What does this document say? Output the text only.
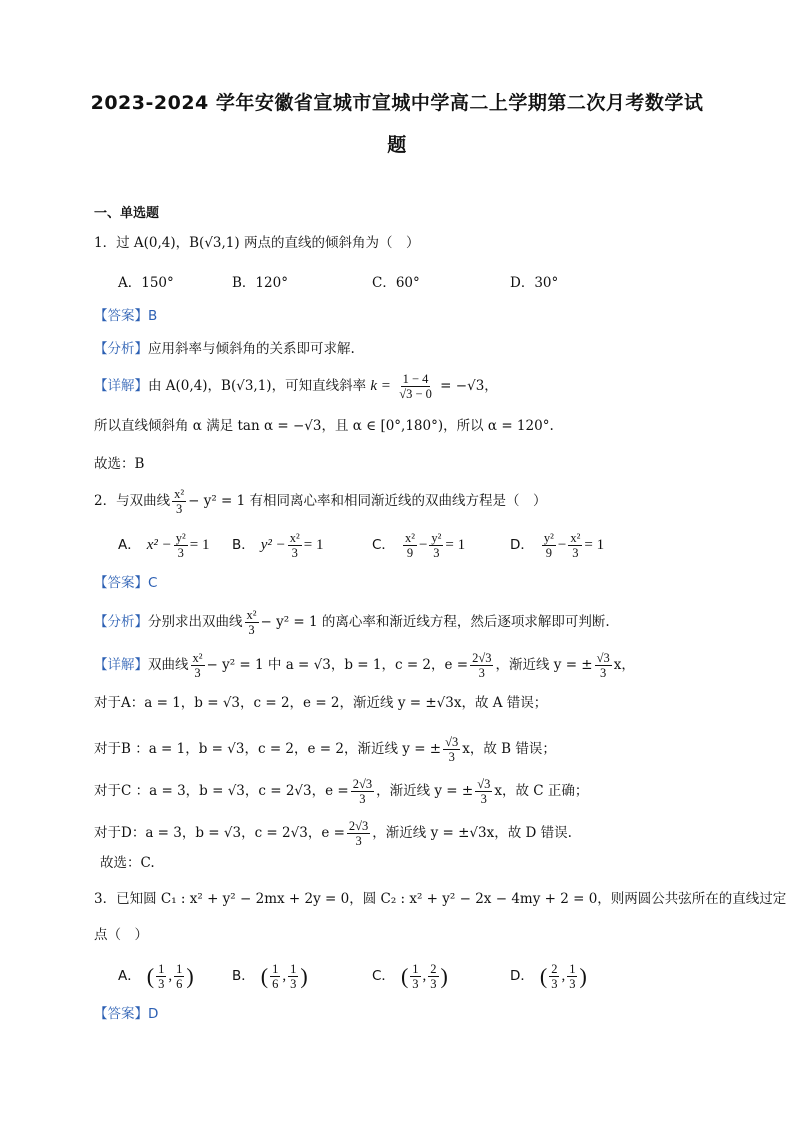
2023-2024 学年安徽省宣城市宣城中学高二上学期第二次月考数学试
题
一、单选题
1．过 A(0,4)，B(√3,1) 两点的直线的倾斜角为（　）
A．150°	B．120°	C．60°	D．30°
【答案】B
【分析】应用斜率与倾斜角的关系即可求解.
【详解】由 A(0,4)，B(√3,1)，可知直线斜率 $k = \frac{1 - 4}{√3 - 0} = -√3$，
所以直线倾斜角 α 满足 tan α = −√3，且 α ∈ [0°,180°)，所以 α = 120°.
故选：B
2．与双曲线 $\frac{\text{x²}}{3} - y^2 = 1$ 有相同离心率和相同渐近线的双曲线方程是（　）
A． $x^2 - \frac{\text{y²}}{3} = 1$ B． $y^2 - \frac{\text{x²}}{3} = 1$	C． $\frac{\text{x²}}{9} - \frac{\text{y²}}{3} = 1$	D． $\frac{\text{y²}}{9} - \frac{\text{x²}}{3} = 1$
【答案】C
【分析】分别求出双曲线 $\frac{\text{x²}}{3} - y^2 = 1$ 的离心率和渐近线方程，然后逐项求解即可判断.
【详解】双曲线 $\frac{\text{x²}}{3} - y^2 = 1$ 中 a = √3，b = 1，c = 2，$e = \frac{2√3}{3}$ ，渐近线 y = ± $\frac{√3}{3}$ x，
对于A：a = 1，b = √3，c = 2，e = 2，渐近线 y = ±√3x，故 A 错误；
对于B ：a = 1，b = √3，c = 2，e = 2，渐近线 y = ± $\frac{√3}{3}$ x，故 B 错误；
对于C ：a = 3，b = √3，c = 2√3，$e = \frac{2√3}{3}$ ，渐近线 y = ± $\frac{√3}{3}$ x，故 C 正确；
对于D：a = 3，b = √3，c = 2√3，$e = \frac{2√3}{3}$ ，渐近线 y = ±√3x，故 D 错误.
故选：C.
3．已知圆 C₁ : x² + y² − 2mx + 2y = 0，圆 C₂ : x² + y² − 2x − 4my + 2 = 0，则两圆公共弦所在的直线过定
点（　）
A． ( $\frac{1}{3}$ , $\frac{1}{6}$ )	B． ( $\frac{1}{6}$ , $\frac{1}{3}$ )	C． ( $\frac{1}{3}$ , $\frac{2}{3}$ )	D． ( $\frac{2}{3}$ , $\frac{1}{3}$ )
【答案】D
